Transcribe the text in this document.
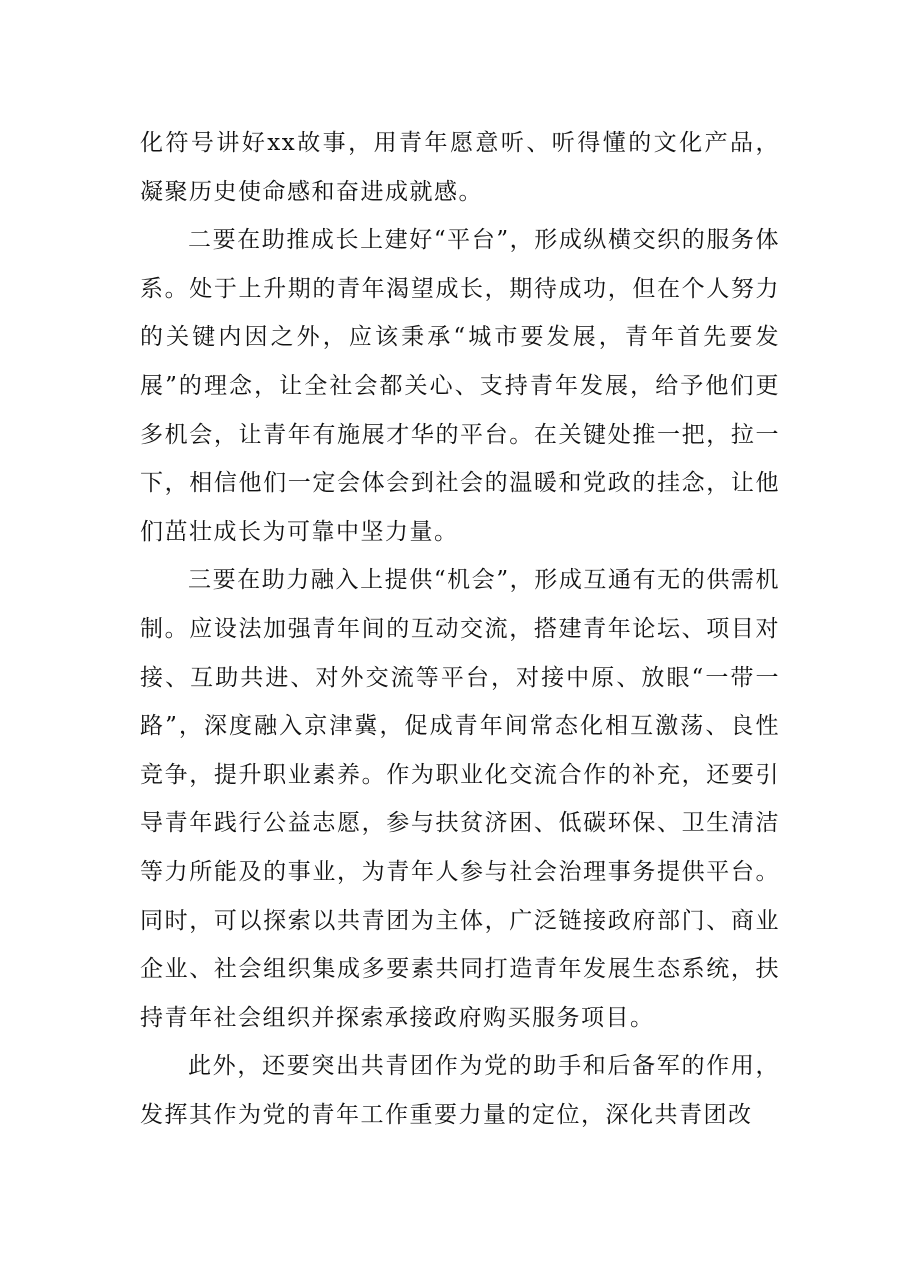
化符号讲好xx故事，用青年愿意听、听得懂的文化产品，凝聚历史使命感和奋进成就感。

二要在助推成长上建好“平台”，形成纵横交织的服务体系。处于上升期的青年渴望成长，期待成功，但在个人努力的关键内因之外，应该秉承“城市要发展，青年首先要发展”的理念，让全社会都关心、支持青年发展，给予他们更多机会，让青年有施展才华的平台。在关键处推一把，拉一下，相信他们一定会体会到社会的温暖和党政的挂念，让他们茁壮成长为可靠中坚力量。

三要在助力融入上提供“机会”，形成互通有无的供需机制。应设法加强青年间的互动交流，搭建青年论坛、项目对接、互助共进、对外交流等平台，对接中原、放眼“一带一路”，深度融入京津冀，促成青年间常态化相互激荡、良性竞争，提升职业素养。作为职业化交流合作的补充，还要引导青年践行公益志愿，参与扶贫济困、低碳环保、卫生清洁等力所能及的事业，为青年人参与社会治理事务提供平台。同时，可以探索以共青团为主体，广泛链接政府部门、商业企业、社会组织集成多要素共同打造青年发展生态系统，扶持青年社会组织并探索承接政府购买服务项目。

此外，还要突出共青团作为党的助手和后备军的作用，发挥其作为党的青年工作重要力量的定位，深化共青团改
